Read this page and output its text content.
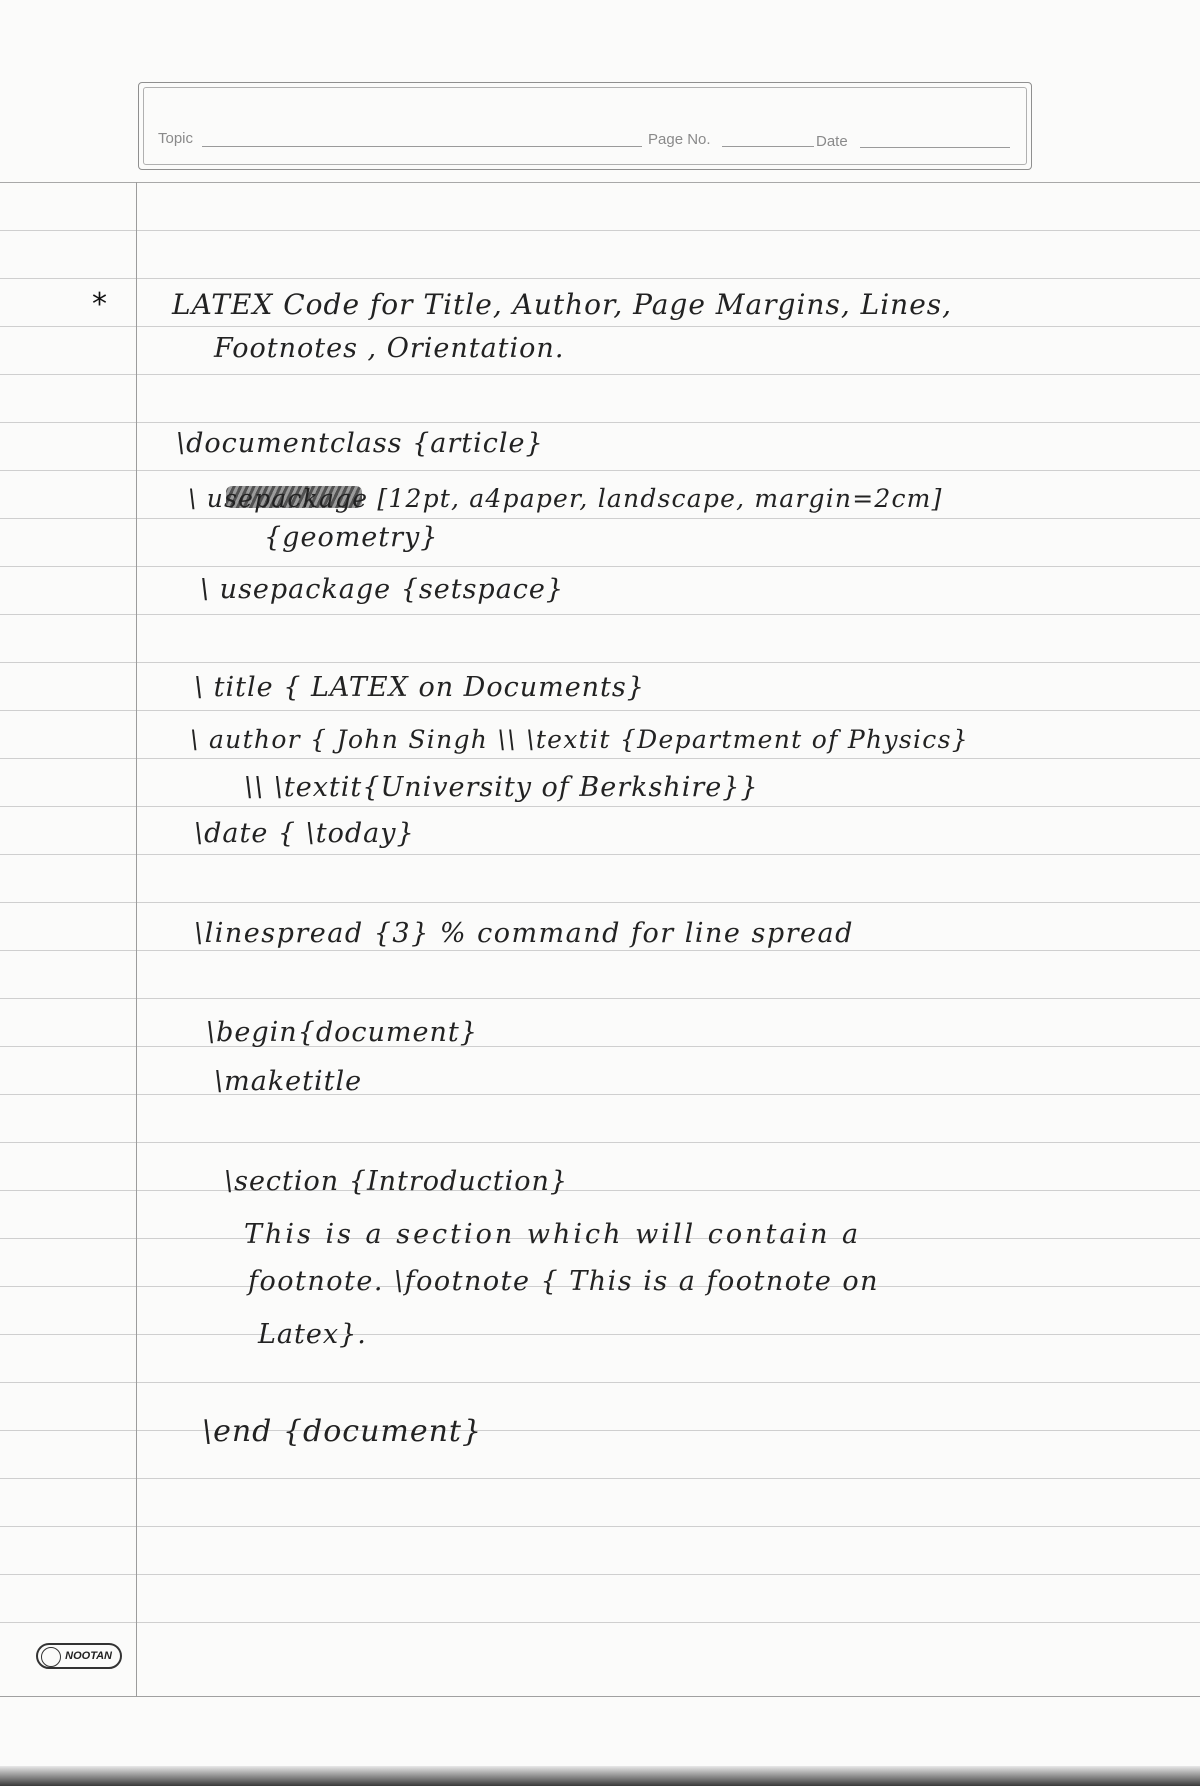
Topic	Page No.	Date
* LATEX Code for Title, Author, Page Margins, Lines,
Footnotes , Orientation.
\documentclass {article}
\ usepackage [12pt, a4paper, landscape, margin=2cm]
{geometry}
\ usepackage {setspace}
\ title { LATEX on Documents}
\ author { John Singh \\ \textit {Department of Physics}
\\ \textit{University of Berkshire}}
\date { \today}
\linespread {3} % command for line spread
\begin{document}
\maketitle
\section {Introduction}
This is a section which will contain a
footnote. \footnote { This is a footnote on
Latex}.
\end {document}
NOOTAN
